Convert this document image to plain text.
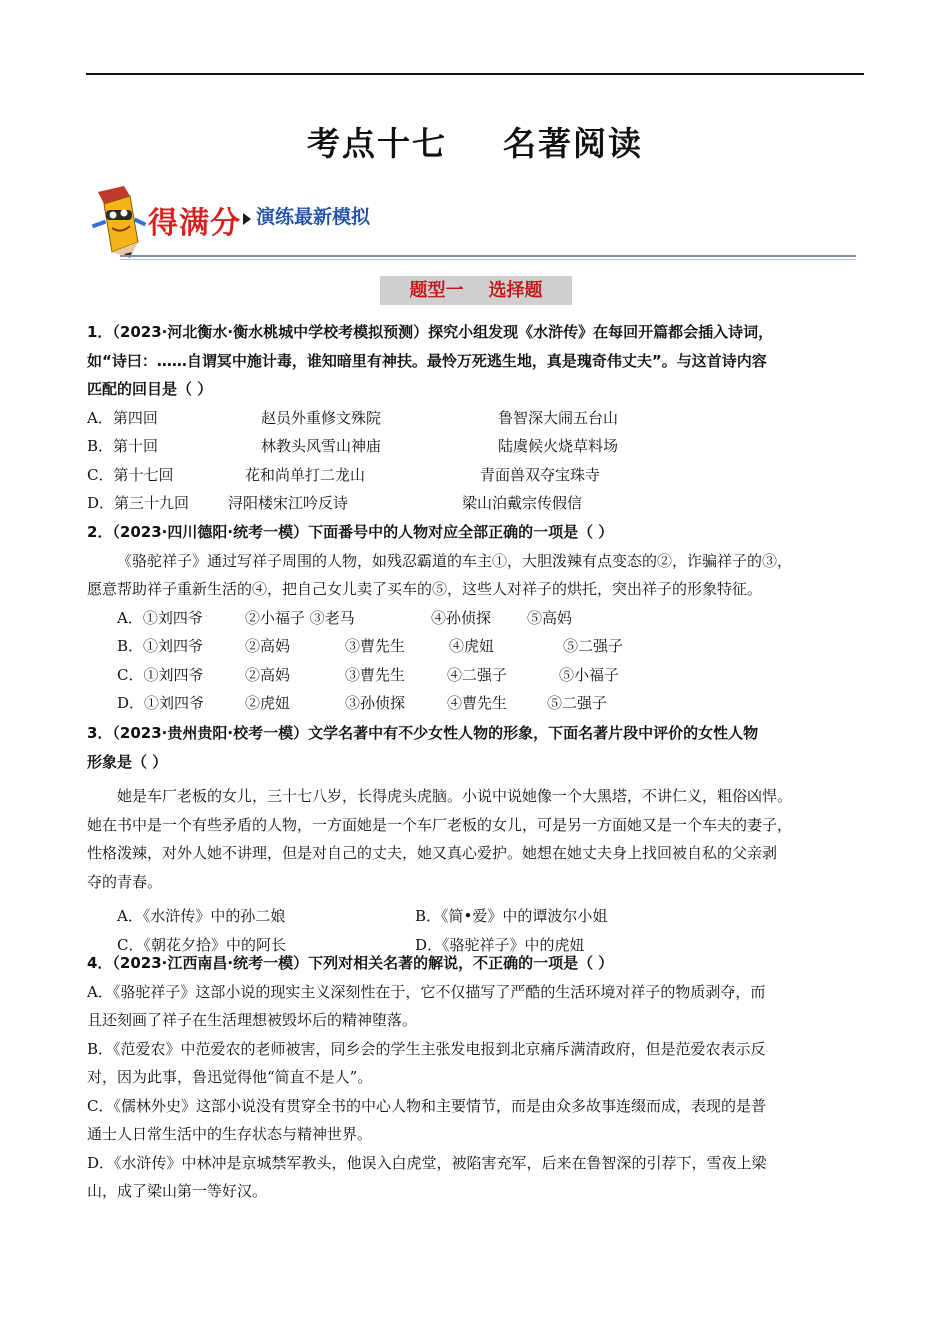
考点十七 名著阅读
得满分 演练最新模拟
题型一    选择题
1．（2023·河北衡水·衡水桃城中学校考模拟预测）探究小组发现《水浒传》在每回开篇都会插入诗词，
如“诗曰：……自谓冥中施计毒，谁知暗里有神扶。最怜万死逃生地，真是瑰奇伟丈夫”。与这首诗内容
匹配的回目是（ ）
A．第四回	赵员外重修文殊院	鲁智深大闹五台山
B．第十回	林教头风雪山神庙	陆虞候火烧草料场
C．第十七回	花和尚单打二龙山	青面兽双夺宝珠寺
D．第三十九回	浔阳楼宋江吟反诗	梁山泊戴宗传假信
2．（2023·四川德阳·统考一模）下面番号中的人物对应全部正确的一项是（ ）
《骆驼祥子》通过写祥子周围的人物，如残忍霸道的车主①，大胆泼辣有点变态的②，诈骗祥子的③，
愿意帮助祥子重新生活的④，把自己女儿卖了买车的⑤，这些人对祥子的烘托，突出祥子的形象特征。
A．①刘四爷	②小福子 ③老马	④孙侦探 ⑤高妈
B．①刘四爷	②高妈	③曹先生	④虎妞	⑤二强子
C．①刘四爷	②高妈	③曹先生	④二强子	⑤小福子
D．①刘四爷	②虎妞	③孙侦探	④曹先生	⑤二强子
3．（2023·贵州贵阳·校考一模）文学名著中有不少女性人物的形象，下面名著片段中评价的女性人物
形象是（ ）
她是车厂老板的女儿，三十七八岁，长得虎头虎脑。小说中说她像一个大黑塔，不讲仁义，粗俗凶悍。
她在书中是一个有些矛盾的人物，一方面她是一个车厂老板的女儿，可是另一方面她又是一个车夫的妻子，
性格泼辣，对外人她不讲理，但是对自己的丈夫，她又真心爱护。她想在她丈夫身上找回被自私的父亲剥
夺的青春。
A．《水浒传》中的孙二娘	B．《简•爱》中的谭波尔小姐
C．《朝花夕拾》中的阿长	D．《骆驼祥子》中的虎妞
4．（2023·江西南昌·统考一模）下列对相关名著的解说，不正确的一项是（ ）
A．《骆驼祥子》这部小说的现实主义深刻性在于，它不仅描写了严酷的生活环境对祥子的物质剥夺，而
且还刻画了祥子在生活理想被毁坏后的精神堕落。
B．《范爱农》中范爱农的老师被害，同乡会的学生主张发电报到北京痛斥满清政府，但是范爱农表示反
对，因为此事，鲁迅觉得他“简直不是人”。
C．《儒林外史》这部小说没有贯穿全书的中心人物和主要情节，而是由众多故事连缀而成，表现的是普
通士人日常生活中的生存状态与精神世界。
D．《水浒传》中林冲是京城禁军教头，他误入白虎堂，被陷害充军，后来在鲁智深的引荐下，雪夜上梁
山，成了梁山第一等好汉。
